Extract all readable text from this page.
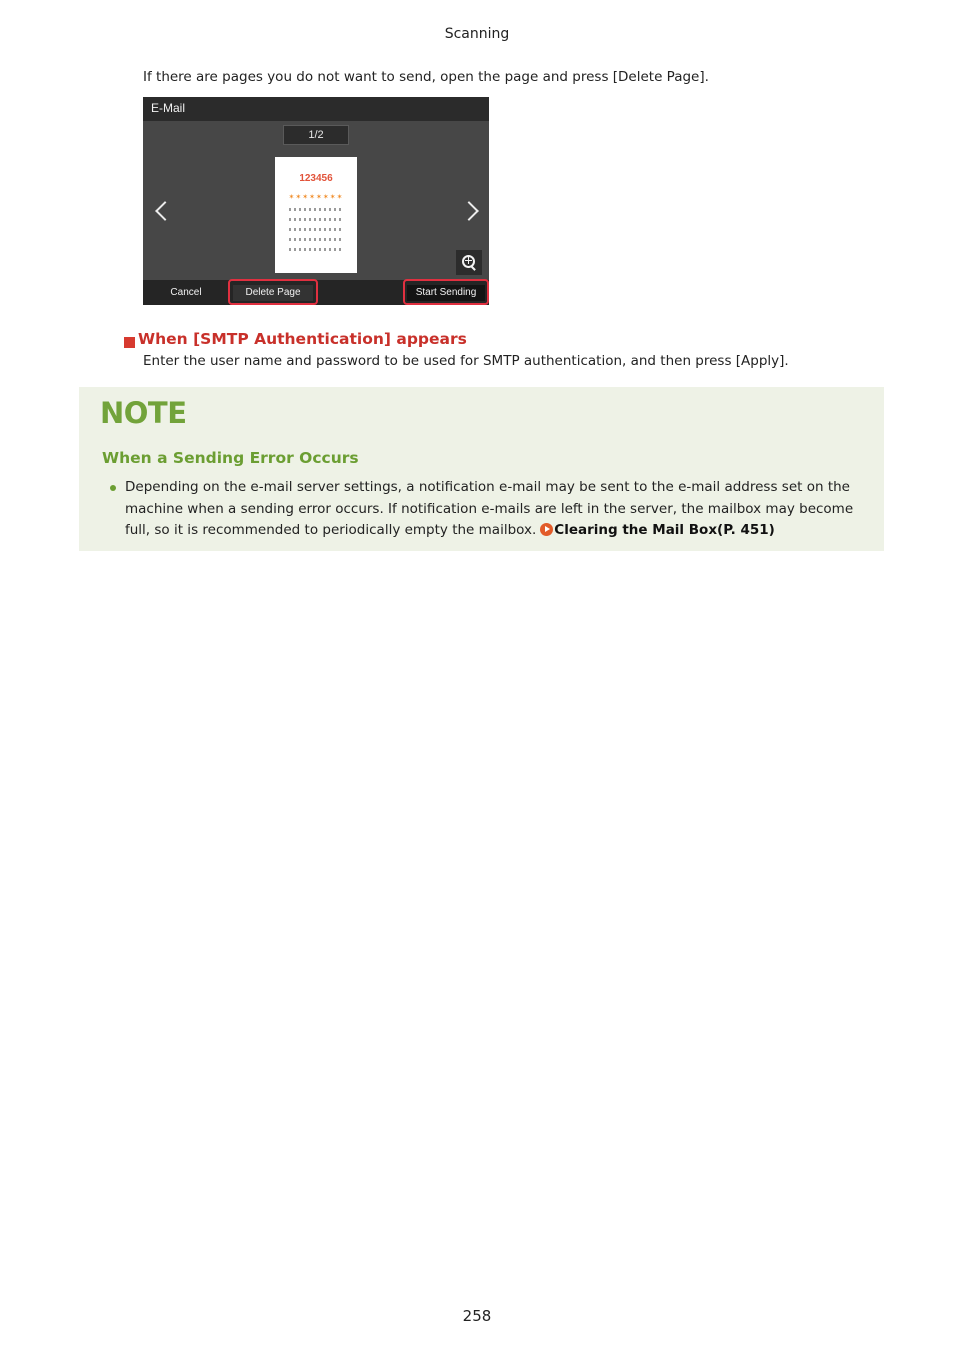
Scanning
If there are pages you do not want to send, open the page and press [Delete Page].
E-Mail
1/2
123456
✶✶✶✶✶✶✶✶
Cancel	Delete Page	Start Sending
When [SMTP Authentication] appears
Enter the user name and password to be used for SMTP authentication, and then press [Apply].
NOTE
When a Sending Error Occurs
Depending on the e-mail server settings, a notification e-mail may be sent to the e-mail address set on the machine when a sending error occurs. If notification e-mails are left in the server, the mailbox may become full, so it is recommended to periodically empty the mailbox. Clearing the Mail Box(P. 451)
258
